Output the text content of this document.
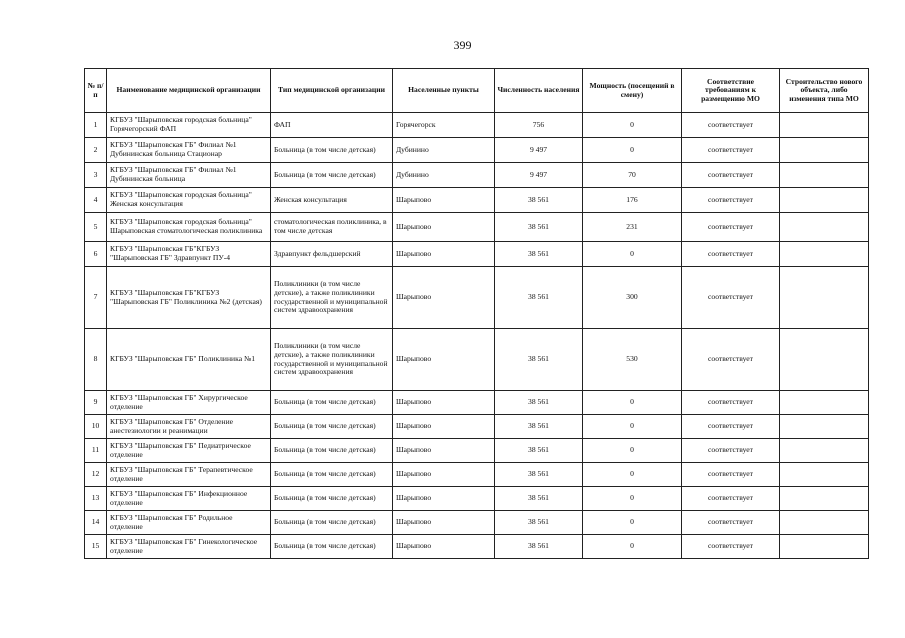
399
№ п/п	Наименование медицинской организации	Тип медицинской организации	Населенные пункты	Численность населения	Мощность (посещений в смену)	Соответствие требованиям к размещению МО	Строительство нового объекта, либо изменения типа МО
1	КГБУЗ "Шарыповская городская больница" Горячегорский ФАП	ФАП	Горячегорск	756	0	соответствует	
2	КГБУЗ "Шарыповская ГБ" Филиал №1 Дубининская больница Стационар	Больница (в том числе детская)	Дубинино	9 497	0	соответствует	
3	КГБУЗ "Шарыповская ГБ" Филиал №1 Дубининская больница	Больница (в том числе детская)	Дубинино	9 497	70	соответствует	
4	КГБУЗ "Шарыповская городская больница" Женская консультация	Женская консультация	Шарыпово	38 561	176	соответствует	
5	КГБУЗ "Шарыповская городская больница" Шарыповская стоматологическая поликлиника	стоматологическая поликлиника, в том числе детская	Шарыпово	38 561	231	соответствует	
6	КГБУЗ "Шарыповская ГБ"КГБУЗ "Шарыповская ГБ" Здравпункт ПУ-4	Здравпункт фельдшерский	Шарыпово	38 561	0	соответствует	
7	КГБУЗ "Шарыповская ГБ"КГБУЗ "Шарыповская ГБ" Поликлиника №2 (детская)	Поликлиники (в том числе детские), а также поликлиники государственной и муниципальной систем здравоохранения	Шарыпово	38 561	300	соответствует	
8	КГБУЗ "Шарыповская ГБ" Поликлиника №1	Поликлиники (в том числе детские), а также поликлиники государственной и муниципальной систем здравоохранения	Шарыпово	38 561	530	соответствует	
9	КГБУЗ "Шарыповская ГБ" Хирургическое отделение	Больница (в том числе детская)	Шарыпово	38 561	0	соответствует	
10	КГБУЗ "Шарыповская ГБ" Отделение анестезиологии и реанимации	Больница (в том числе детская)	Шарыпово	38 561	0	соответствует	
11	КГБУЗ "Шарыповская ГБ" Педиатрическое отделение	Больница (в том числе детская)	Шарыпово	38 561	0	соответствует	
12	КГБУЗ "Шарыповская ГБ" Терапевтическое отделение	Больница (в том числе детская)	Шарыпово	38 561	0	соответствует	
13	КГБУЗ "Шарыповская ГБ" Инфекционное отделение	Больница (в том числе детская)	Шарыпово	38 561	0	соответствует	
14	КГБУЗ "Шарыповская ГБ" Родильное отделение	Больница (в том числе детская)	Шарыпово	38 561	0	соответствует	
15	КГБУЗ "Шарыповская ГБ" Гинекологическое отделение	Больница (в том числе детская)	Шарыпово	38 561	0	соответствует	
